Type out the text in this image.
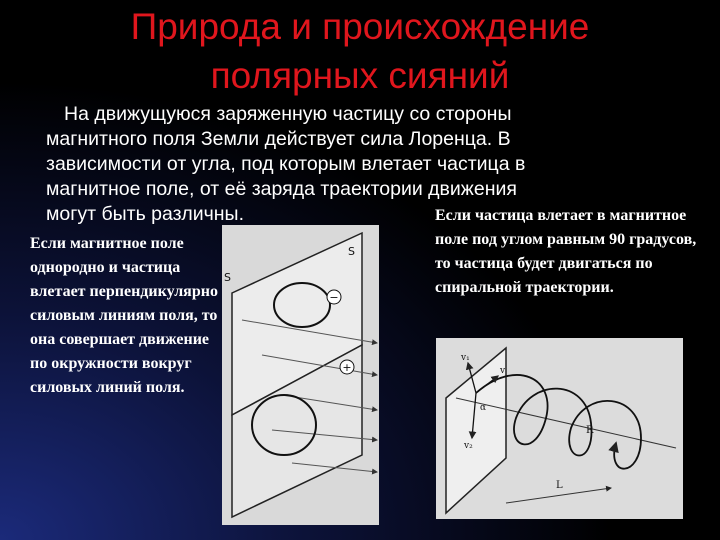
Природа и происхождение
полярных сияний
На движущуюся заряженную частицу со стороны
магнитного поля Земли действует сила Лоренца. В
зависимости от угла, под которым влетает частица в
магнитное поле, от её заряда траектории движения
могут быть различны.
Если магнитное поле однородно и частица влетает перпендикулярно силовым линиям поля, то она совершает движение по окружности вокруг силовых линий поля.
Если частица влетает в магнитное поле под углом равным 90 градусов, то частица будет двигаться по спиральной траектории.
−
+
S
S
v₁
v
v₂
α
R
L
